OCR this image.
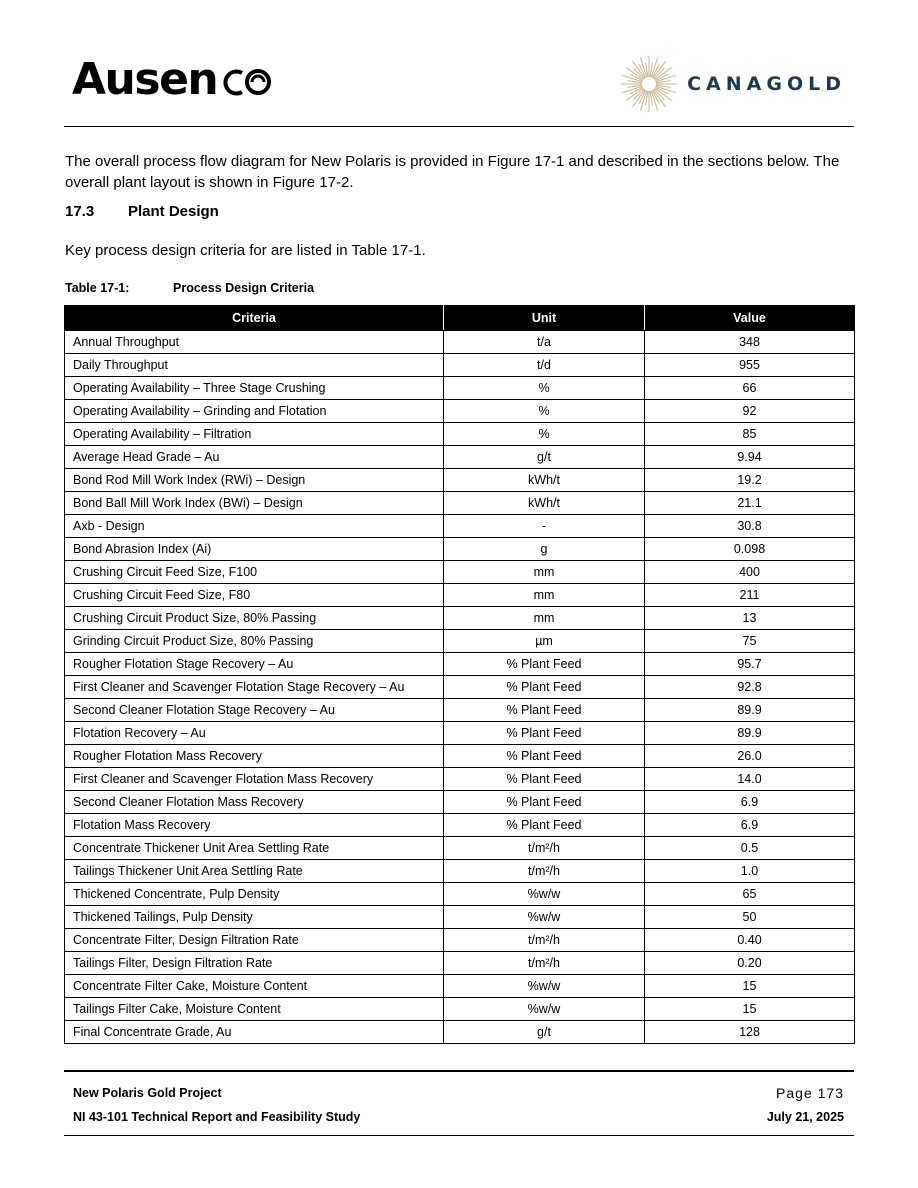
Ausen	CANAGOLD
The overall process flow diagram for New Polaris is provided in Figure 17-1 and described in the sections below. The overall plant layout is shown in Figure 17-2.
17.3 Plant Design
Key process design criteria for are listed in Table 17-1.
Table 17-1:	Process Design Criteria
Criteria	Unit	Value
Annual Throughput	t/a	348
Daily Throughput	t/d	955
Operating Availability – Three Stage Crushing	%	66
Operating Availability – Grinding and Flotation	%	92
Operating Availability – Filtration	%	85
Average Head Grade – Au	g/t	9.94
Bond Rod Mill Work Index (RWi) – Design	kWh/t	19.2
Bond Ball Mill Work Index (BWi) – Design	kWh/t	21.1
Axb - Design	-	30.8
Bond Abrasion Index (Ai)	g	0.098
Crushing Circuit Feed Size, F100	mm	400
Crushing Circuit Feed Size, F80	mm	211
Crushing Circuit Product Size, 80% Passing	mm	13
Grinding Circuit Product Size, 80% Passing	µm	75
Rougher Flotation Stage Recovery – Au	% Plant Feed	95.7
First Cleaner and Scavenger Flotation Stage Recovery – Au	% Plant Feed	92.8
Second Cleaner Flotation Stage Recovery – Au	% Plant Feed	89.9
Flotation Recovery – Au	% Plant Feed	89.9
Rougher Flotation Mass Recovery	% Plant Feed	26.0
First Cleaner and Scavenger Flotation Mass Recovery	% Plant Feed	14.0
Second Cleaner Flotation Mass Recovery	% Plant Feed	6.9
Flotation Mass Recovery	% Plant Feed	6.9
Concentrate Thickener Unit Area Settling Rate	t/m²/h	0.5
Tailings Thickener Unit Area Settling Rate	t/m²/h	1.0
Thickened Concentrate, Pulp Density	%w/w	65
Thickened Tailings, Pulp Density	%w/w	50
Concentrate Filter, Design Filtration Rate	t/m²/h	0.40
Tailings Filter, Design Filtration Rate	t/m²/h	0.20
Concentrate Filter Cake, Moisture Content	%w/w	15
Tailings Filter Cake, Moisture Content	%w/w	15
Final Concentrate Grade, Au	g/t	128
New Polaris Gold Project
NI 43-101 Technical Report and Feasibility Study
Page 173
July 21, 2025
